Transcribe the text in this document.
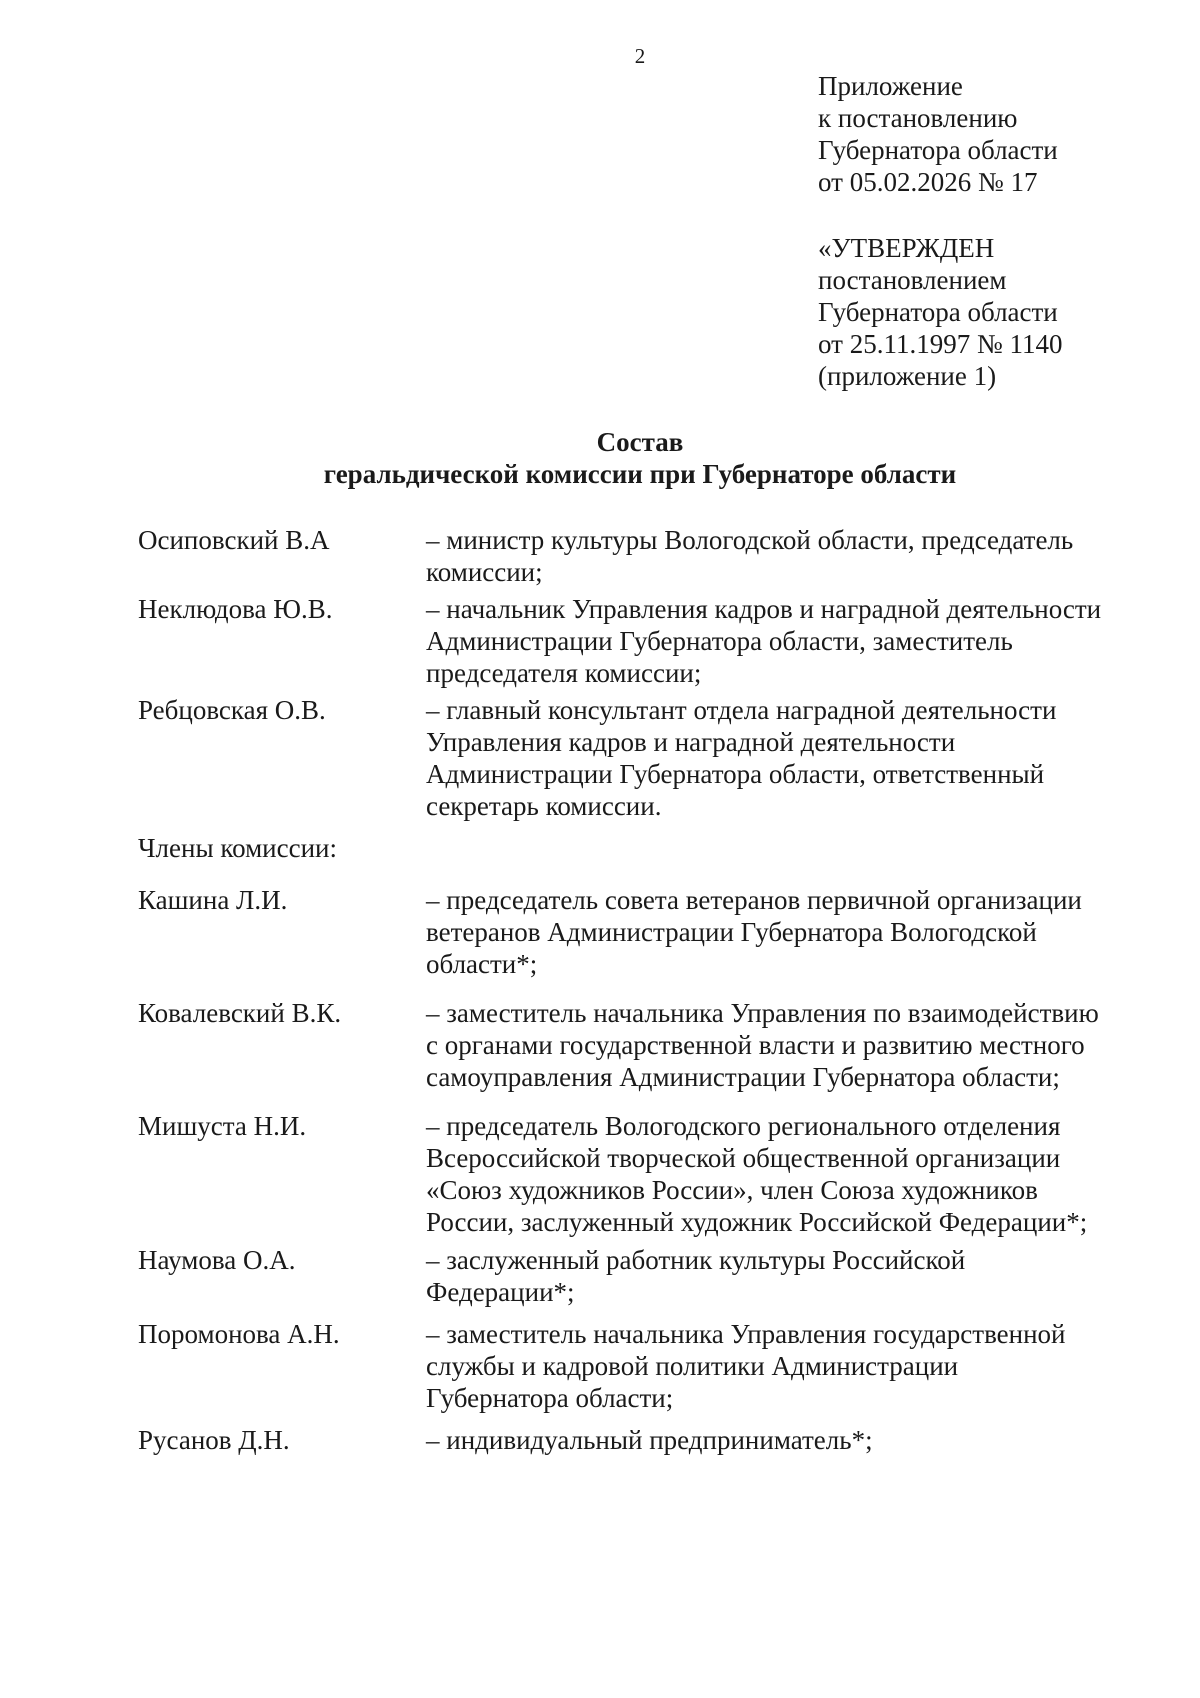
2
Приложение
к постановлению
Губернатора области
от 05.02.2026 № 17
«УТВЕРЖДЕН
постановлением
Губернатора области
от 25.11.1997 № 1140
(приложение 1)
Состав
геральдической комиссии при Губернаторе области
Осиповский В.А	– министр культуры Вологодской области, председатель
комиссии;
Неклюдова Ю.В.	– начальник Управления кадров и наградной деятельности
Администрации Губернатора области, заместитель
председателя комиссии;
Ребцовская О.В.	– главный консультант отдела наградной деятельности
Управления кадров и наградной деятельности
Администрации Губернатора области, ответственный
секретарь комиссии.
Члены комиссии:
Кашина Л.И.	– председатель совета ветеранов первичной организации
ветеранов Администрации Губернатора Вологодской
области*;
Ковалевский В.К.	– заместитель начальника Управления по взаимодействию
с органами государственной власти и развитию местного
самоуправления Администрации Губернатора области;
Мишуста Н.И.	– председатель Вологодского регионального отделения
Всероссийской творческой общественной организации
«Союз художников России», член Союза художников
России, заслуженный художник Российской Федерации*;
Наумова О.А.	– заслуженный работник культуры Российской
Федерации*;
Поромонова А.Н.	– заместитель начальника Управления государственной
службы и кадровой политики Администрации
Губернатора области;
Русанов Д.Н.	– индивидуальный предприниматель*;
